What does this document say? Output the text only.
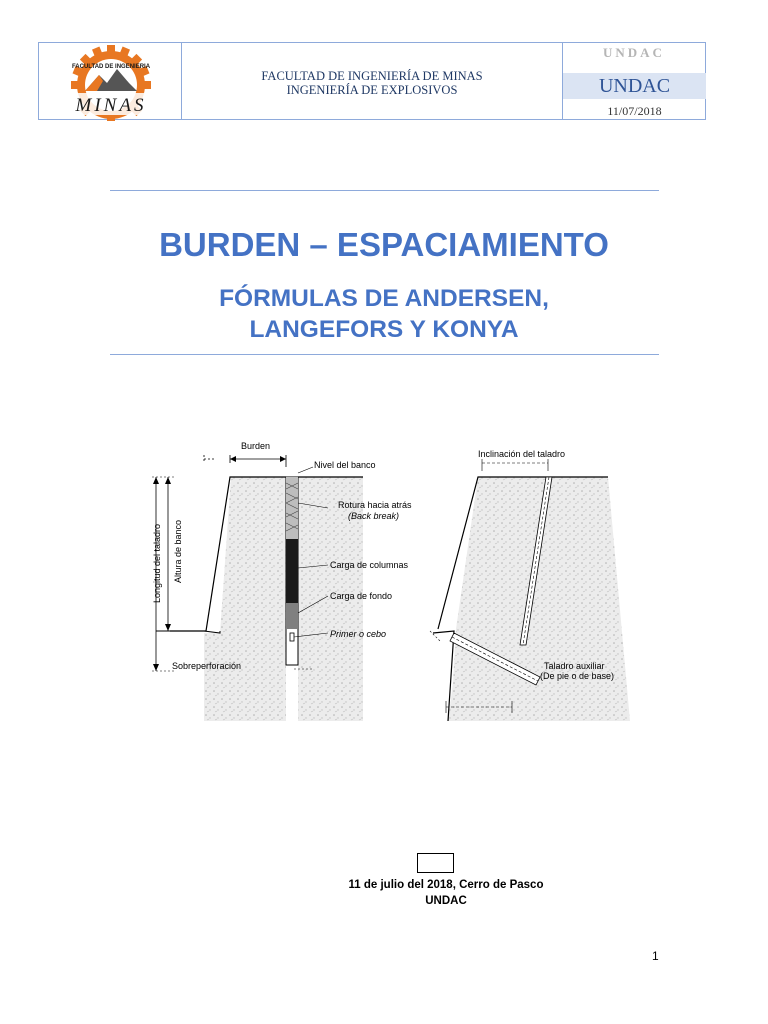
FACULTAD DE INGENIERIA
MINAS
FACULTAD DE INGENIERÍA DE MINAS
INGENIERÍA DE EXPLOSIVOS
UNDAC
UNDAC
11/07/2018
BURDEN – ESPACIAMIENTO
FÓRMULAS DE ANDERSEN,
LANGEFORS Y KONYA
Burden
Nivel del banco
Rotura hacia atrás
(Back break)
Carga de columnas
Carga de fondo
Primer o cebo
Longitud del taladro Altura de banco
Sobreperforación
Inclinación del taladro
Taladro auxiliar
(De pie o de base)
11 de julio del 2018, Cerro de Pasco
UNDAC
1
